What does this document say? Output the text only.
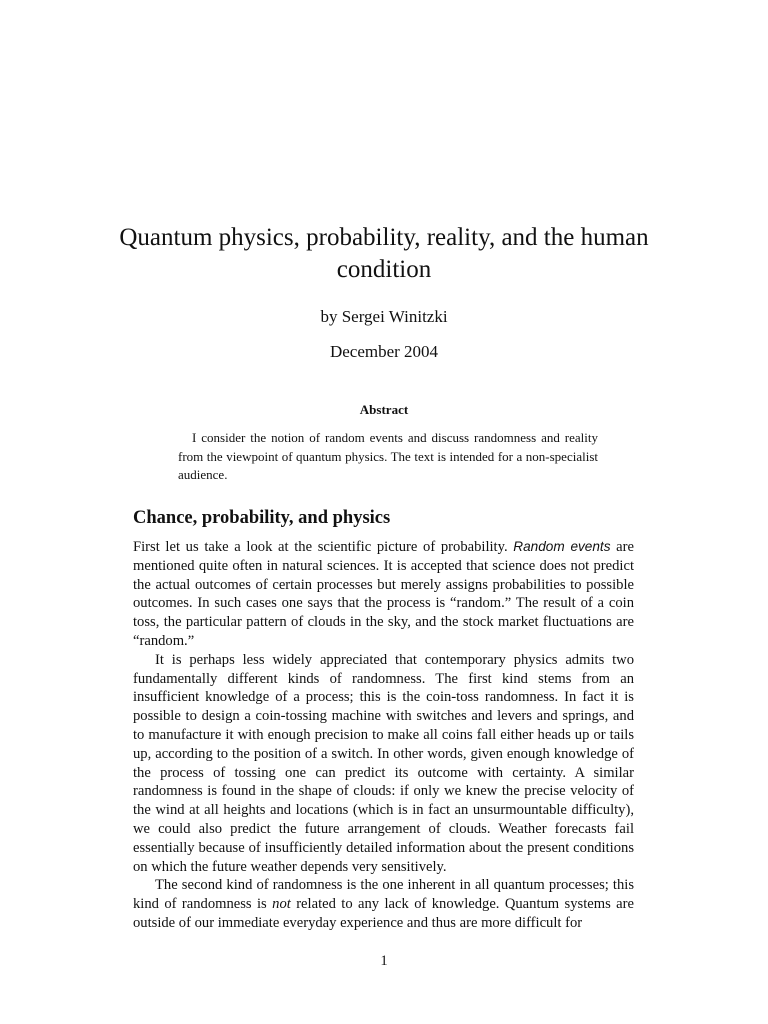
Quantum physics, probability, reality, and the human condition
by Sergei Winitzki
December 2004
Abstract
I consider the notion of random events and discuss randomness and reality from the viewpoint of quantum physics. The text is intended for a non-specialist audience.
Chance, probability, and physics

First let us take a look at the scientific picture of probability. Random events are mentioned quite often in natural sciences. It is accepted that science does not predict the actual outcomes of certain processes but merely assigns probabilities to possible outcomes. In such cases one says that the process is “random.” The result of a coin toss, the particular pattern of clouds in the sky, and the stock market fluctuations are “random.”

It is perhaps less widely appreciated that contemporary physics admits two fundamentally different kinds of randomness. The first kind stems from an insufficient knowledge of a process; this is the coin-toss randomness. In fact it is possible to design a coin-tossing machine with switches and levers and springs, and to manufacture it with enough precision to make all coins fall either heads up or tails up, according to the position of a switch. In other words, given enough knowledge of the process of tossing one can predict its outcome with certainty. A similar randomness is found in the shape of clouds: if only we knew the precise velocity of the wind at all heights and locations (which is in fact an unsurmountable difficulty), we could also predict the future arrangement of clouds. Weather forecasts fail essentially because of insufficiently detailed information about the present conditions on which the future weather depends very sensitively.

The second kind of randomness is the one inherent in all quantum processes; this kind of randomness is not related to any lack of knowledge. Quantum systems are outside of our immediate everyday experience and thus are more difficult for

1
